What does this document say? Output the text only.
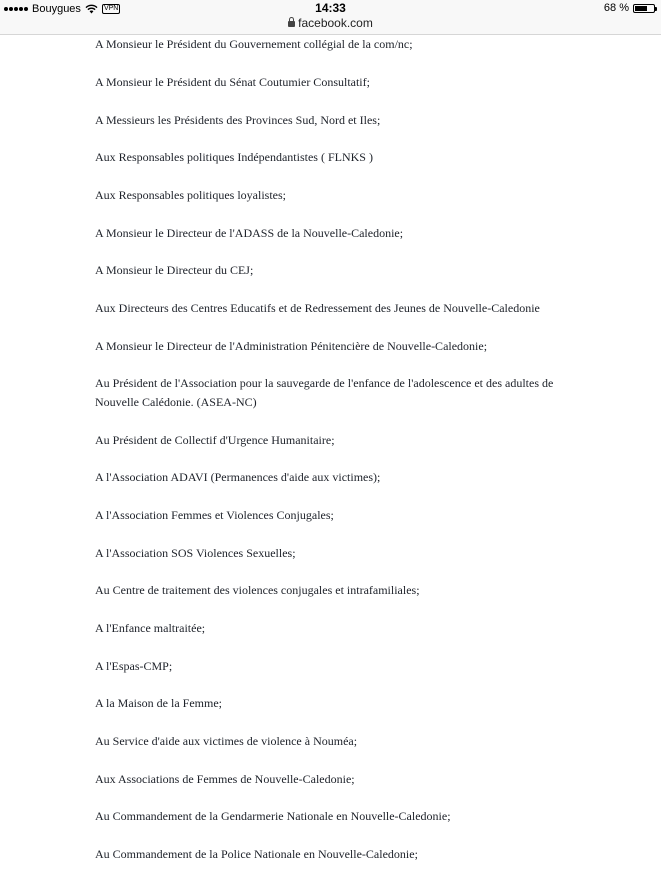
Bouygues	VPN	14:33
facebook.com
68 %

A Monsieur le Président du Gouvernement collégial de la com/nc;

A Monsieur le Président du Sénat Coutumier Consultatif;

A Messieurs les Présidents des Provinces Sud, Nord et Iles;

Aux Responsables politiques Indépendantistes ( FLNKS )

Aux Responsables politiques loyalistes;

A Monsieur le Directeur de l'ADASS de la Nouvelle-Caledonie;

A Monsieur le Directeur du CEJ;

Aux Directeurs des Centres Educatifs et de Redressement des Jeunes de Nouvelle-Caledonie

A Monsieur le Directeur de l'Administration Pénitencière de Nouvelle-Caledonie;

Au Président de l'Association pour la sauvegarde de l'enfance de l'adolescence et des adultes de Nouvelle Calédonie. (ASEA-NC)

Au Président de Collectif d'Urgence Humanitaire;

A l'Association ADAVI (Permanences d'aide aux victimes);

A l'Association Femmes et Violences Conjugales;

A l'Association SOS Violences Sexuelles;

Au Centre de traitement des violences conjugales et intrafamiliales;

A l'Enfance maltraitée;

A l'Espas-CMP;

A la Maison de la Femme;

Au Service d'aide aux victimes de violence à Nouméa;

Aux Associations de Femmes de Nouvelle-Caledonie;

Au Commandement de la Gendarmerie Nationale en Nouvelle-Caledonie;

Au Commandement de la Police Nationale en Nouvelle-Caledonie;
